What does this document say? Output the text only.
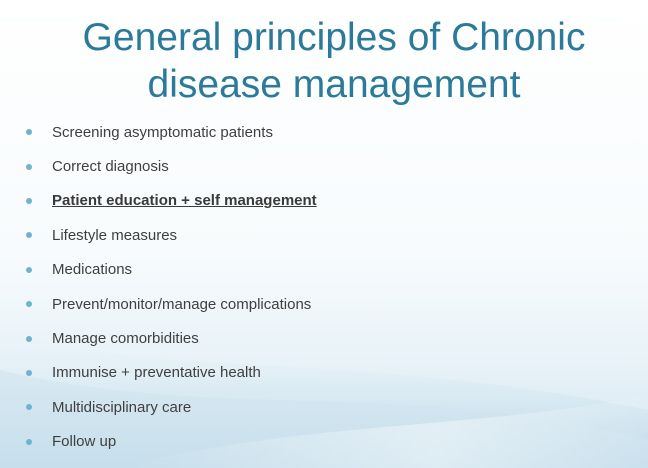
General principles of Chronic
disease management
Screening asymptomatic patients
Correct diagnosis
Patient education + self management
Lifestyle measures
Medications
Prevent/monitor/manage complications
Manage comorbidities
Immunise + preventative health
Multidisciplinary care
Follow up
